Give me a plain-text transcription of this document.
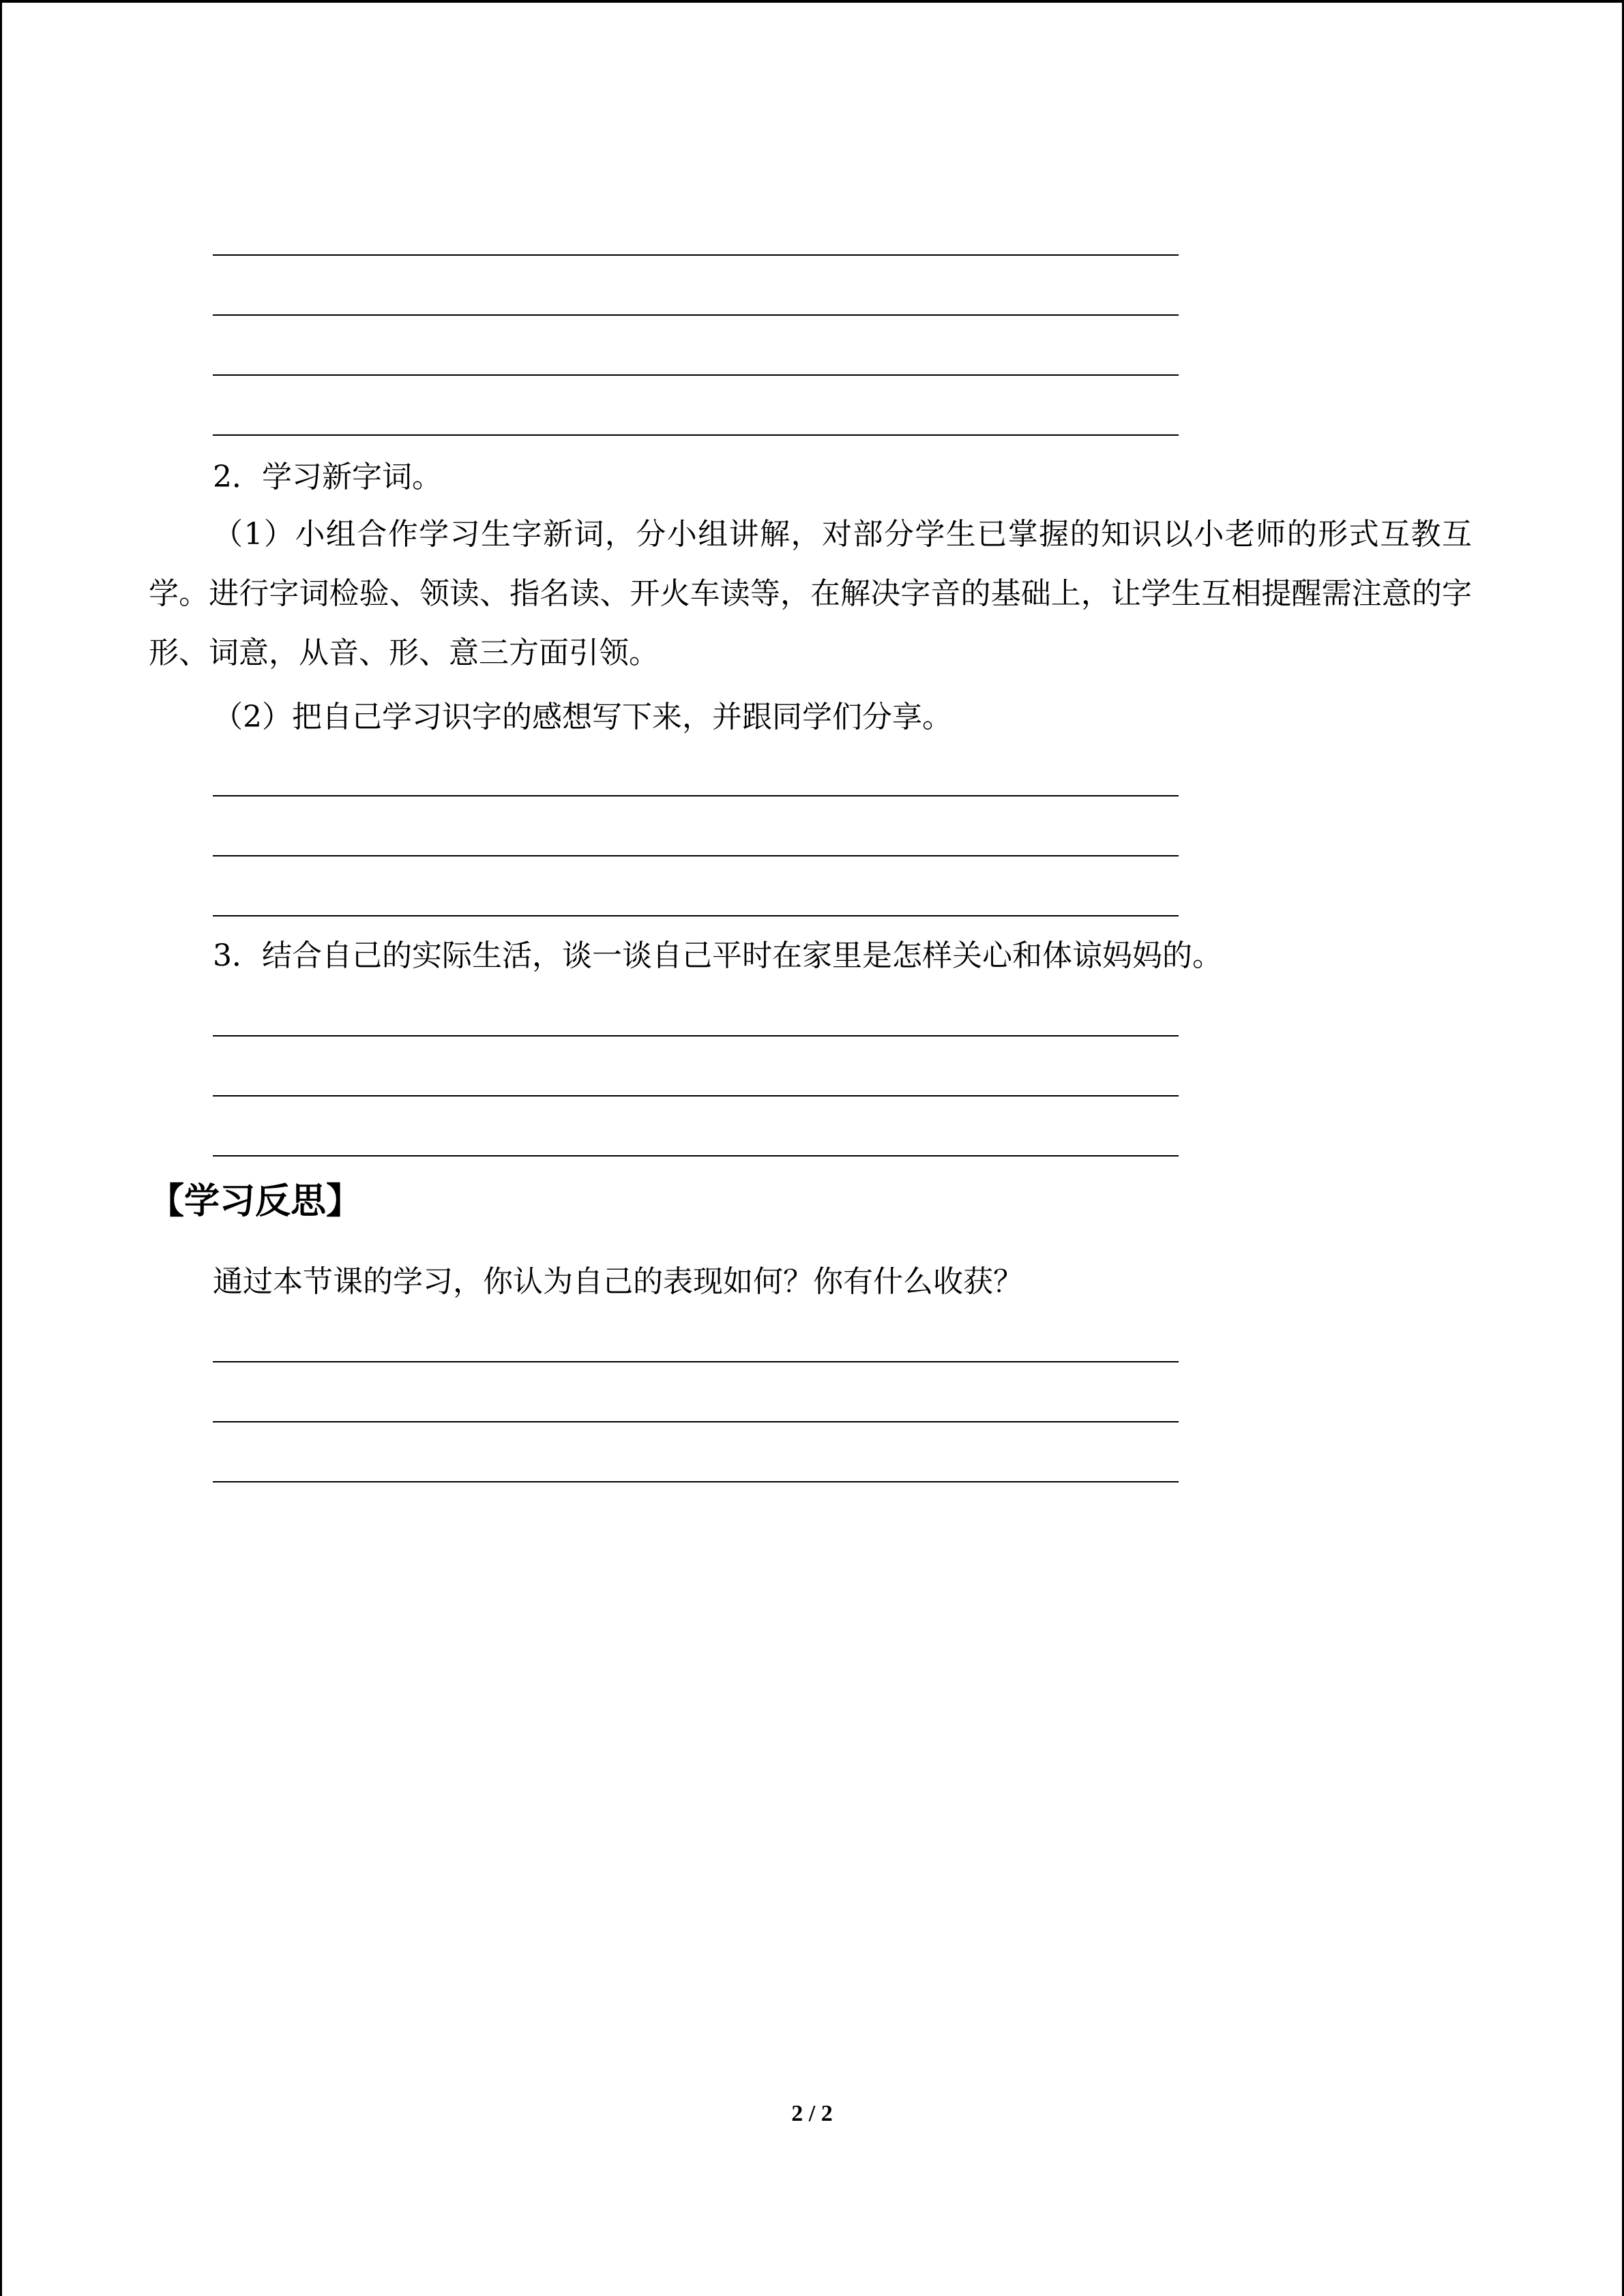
2．学习新字词。
（1）小组合作学习生字新词，分小组讲解，对部分学生已掌握的知识以小老师的形式互教互学。进行字词检验、领读、指名读、开火车读等，在解决字音的基础上，让学生互相提醒需注意的字形、词意，从音、形、意三方面引领。
（2）把自己学习识字的感想写下来，并跟同学们分享。
3．结合自己的实际生活，谈一谈自己平时在家里是怎样关心和体谅妈妈的。
【学习反思】
通过本节课的学习，你认为自己的表现如何？你有什么收获？
2 / 2
